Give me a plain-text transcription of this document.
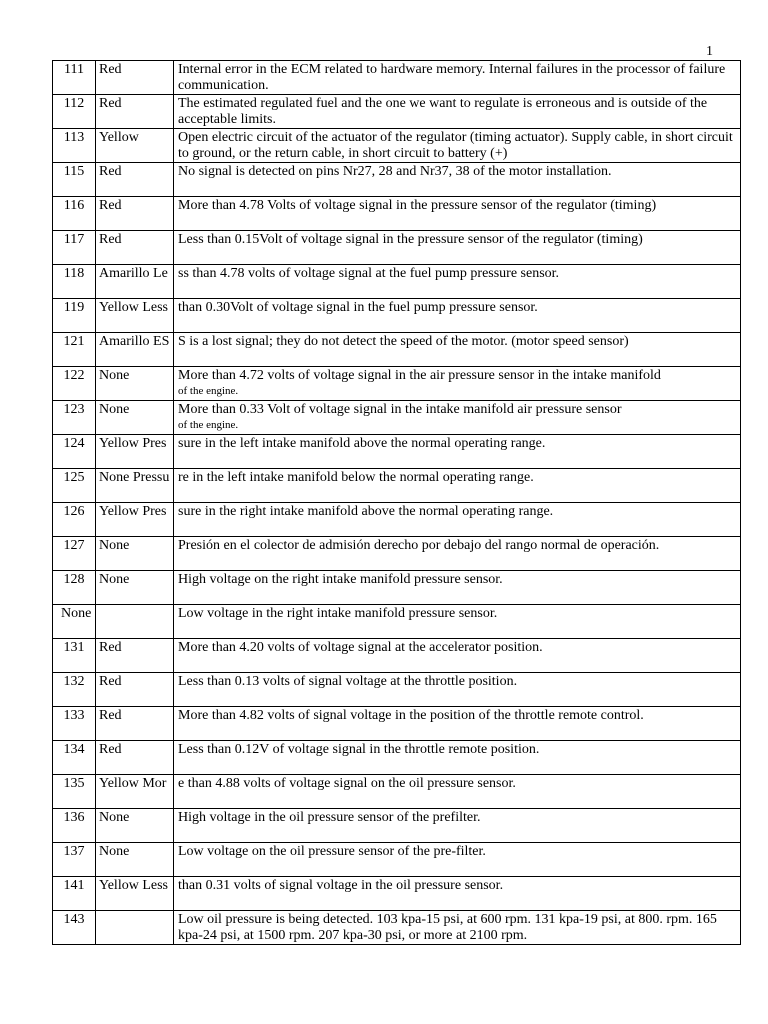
1
111	Red	Internal error in the ECM related to hardware memory. Internal failures in the processor of failure communication.
112	Red	The estimated regulated fuel and the one we want to regulate is erroneous and is outside of the acceptable limits.
113	Yellow	Open electric circuit of the actuator of the regulator (timing actuator). Supply cable, in short circuit to ground, or the return cable, in short circuit to battery (+)
115	Red	No signal is detected on pins Nr27, 28 and Nr37, 38 of the motor installation.
116	Red	More than 4.78 Volts of voltage signal in the pressure sensor of the regulator (timing)
117	Red	Less than 0.15Volt of voltage signal in the pressure sensor of the regulator (timing)
118	Amarillo Le	ss than 4.78 volts of voltage signal at the fuel pump pressure sensor.
119	Yellow Less	than 0.30Volt of voltage signal in the fuel pump pressure sensor.
121	Amarillo ES	S is a lost signal; they do not detect the speed of the motor. (motor speed sensor)
122	None	More than 4.72 volts of voltage signal in the air pressure sensor in the intake manifold
of the engine.

123	None	More than 0.33 Volt of voltage signal in the intake manifold air pressure sensor
of the engine.

124	Yellow Pres	sure in the left intake manifold above the normal operating range.
125	None Pressu	re in the left intake manifold below the normal operating range.
126	Yellow Pres	sure in the right intake manifold above the normal operating range.
127	None	Presión en el colector de admisión derecho por debajo del rango normal de operación.
128	None	High voltage on the right intake manifold pressure sensor.
None		Low voltage in the right intake manifold pressure sensor.
131	Red	More than 4.20 volts of voltage signal at the accelerator position.
132	Red	Less than 0.13 volts of signal voltage at the throttle position.
133	Red	More than 4.82 volts of signal voltage in the position of the throttle remote control.
134	Red	Less than 0.12V of voltage signal in the throttle remote position.
135	Yellow Mor	e than 4.88 volts of voltage signal on the oil pressure sensor.
136	None	High voltage in the oil pressure sensor of the prefilter.
137	None	Low voltage on the oil pressure sensor of the pre-filter.
141	Yellow Less	than 0.31 volts of signal voltage in the oil pressure sensor.
143		Low oil pressure is being detected. 103 kpa-15 psi, at 600 rpm. 131 kpa-19 psi, at 800. rpm. 165 kpa-24 psi, at 1500 rpm. 207 kpa-30 psi, or more at 2100 rpm.
